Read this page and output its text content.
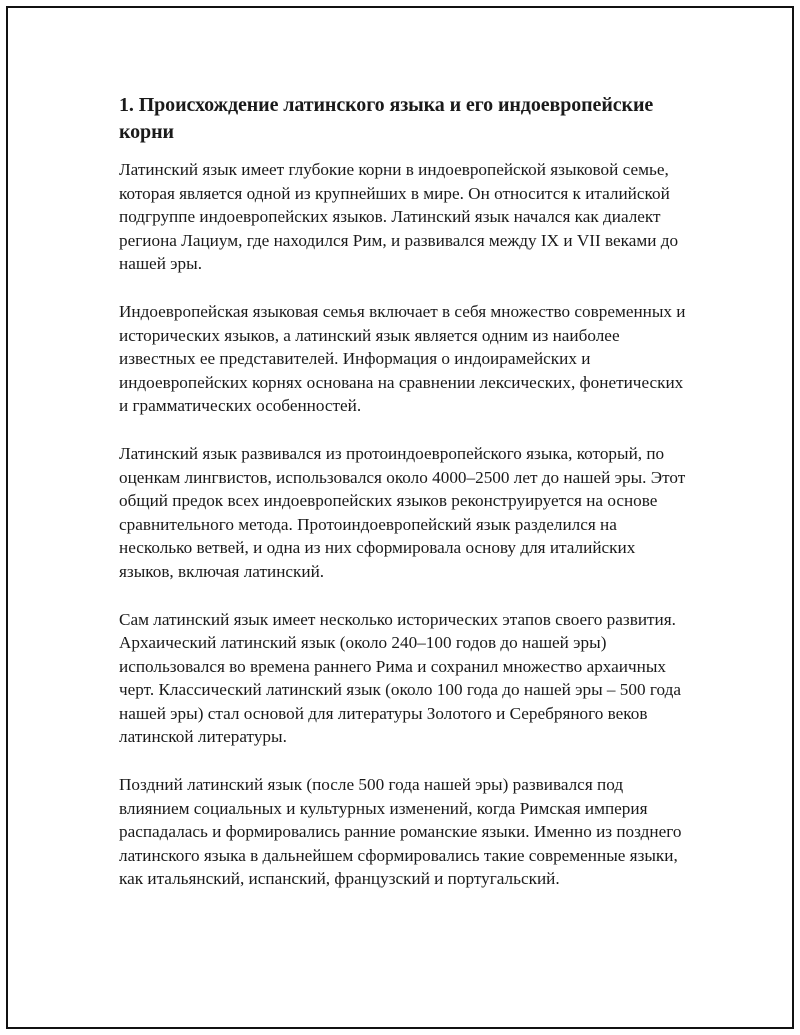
1. Происхождение латинского языка и его индоевропейские корни

Латинский язык имеет глубокие корни в индоевропейской языковой семье, которая является одной из крупнейших в мире. Он относится к италийской подгруппе индоевропейских языков. Латинский язык начался как диалект региона Лациум, где находился Рим, и развивался между IX и VII веками до нашей эры.

Индоевропейская языковая семья включает в себя множество современных и исторических языков, а латинский язык является одним из наиболее известных ее представителей. Информация о индоирамейских и индоевропейских корнях основана на сравнении лексических, фонетических и грамматических особенностей.

Латинский язык развивался из протоиндоевропейского языка, который, по оценкам лингвистов, использовался около 4000–2500 лет до нашей эры. Этот общий предок всех индоевропейских языков реконструируется на основе сравнительного метода. Протоиндоевропейский язык разделился на несколько ветвей, и одна из них сформировала основу для италийских языков, включая латинский.

Сам латинский язык имеет несколько исторических этапов своего развития. Архаический латинский язык (около 240–100 годов до нашей эры) использовался во времена раннего Рима и сохранил множество архаичных черт. Классический латинский язык (около 100 года до нашей эры – 500 года нашей эры) стал основой для литературы Золотого и Серебряного веков латинской литературы.

Поздний латинский язык (после 500 года нашей эры) развивался под влиянием социальных и культурных изменений, когда Римская империя распадалась и формировались ранние романские языки. Именно из позднего латинского языка в дальнейшем сформировались такие современные языки, как итальянский, испанский, французский и португальский.
